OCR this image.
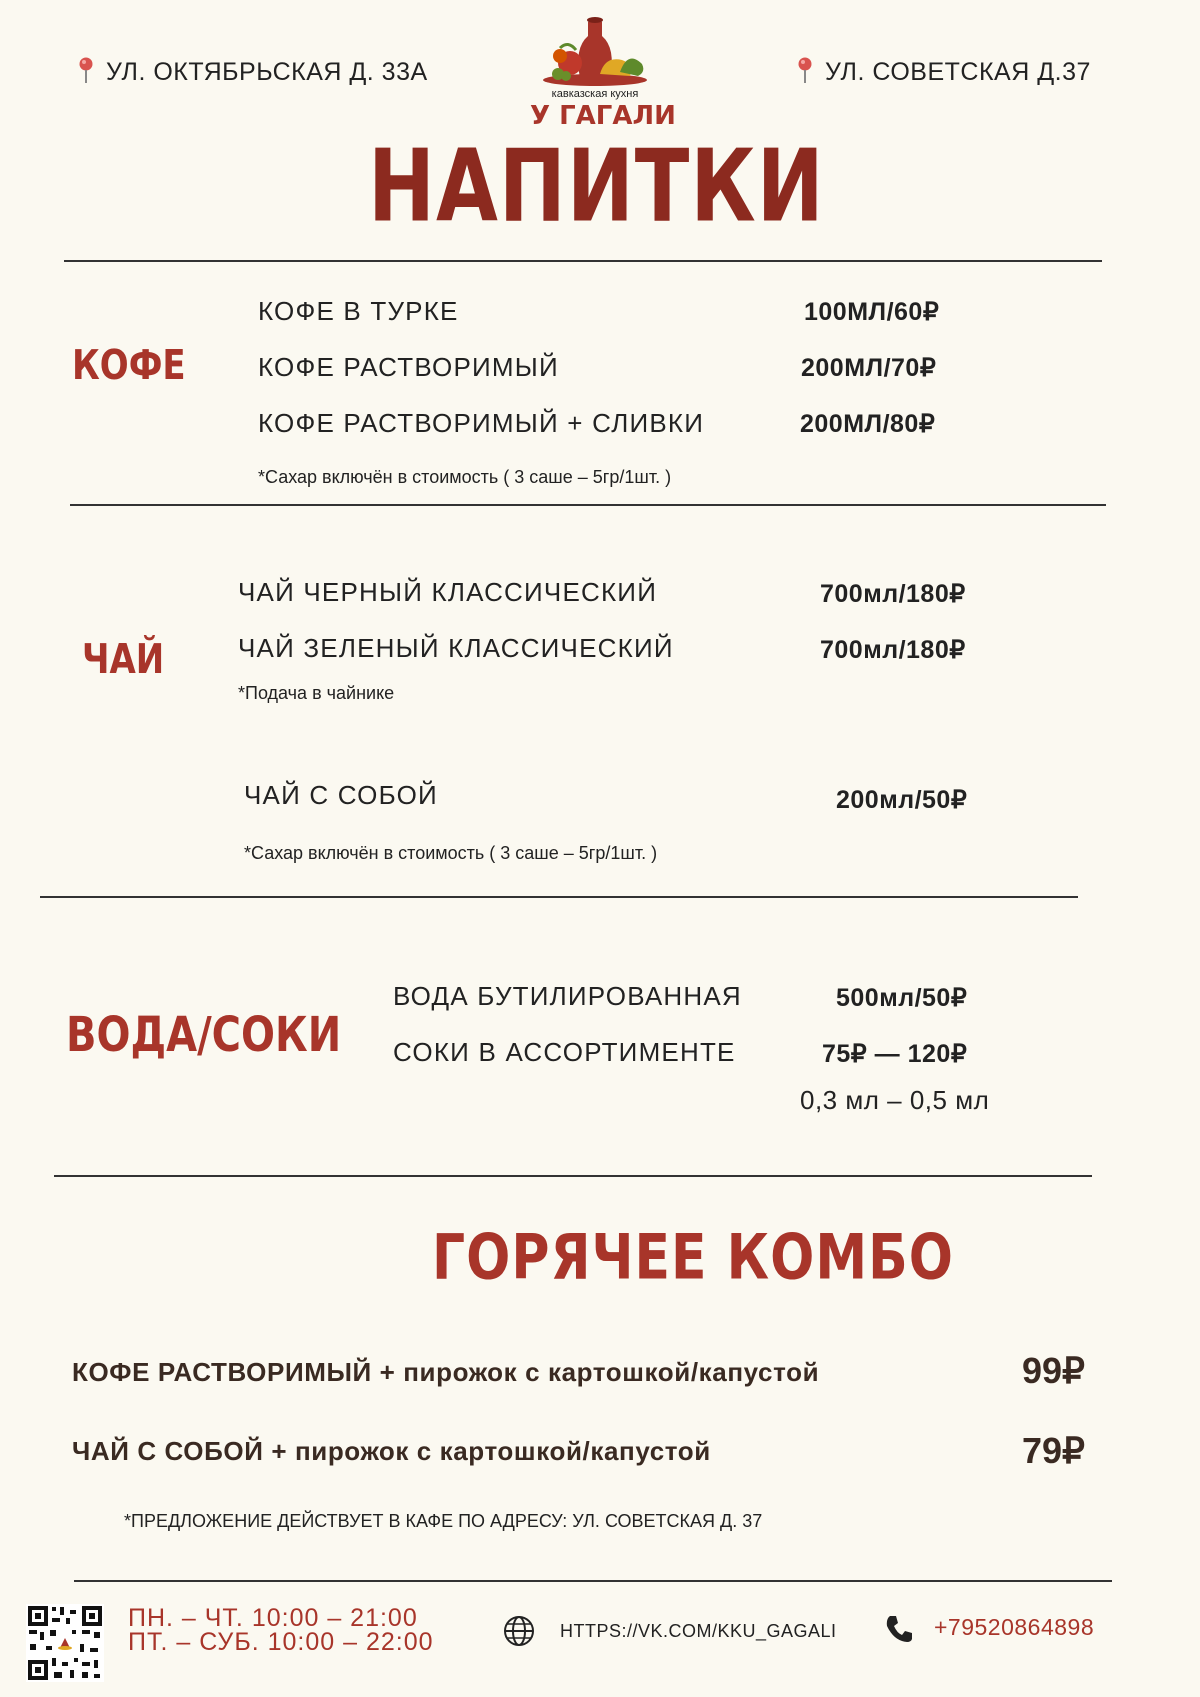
УЛ. ОКТЯБРЬСКАЯ Д. 33А	УЛ. СОВЕТСКАЯ Д.37
кавказская кухня
У ГАГАЛИ
НАПИТКИ
КОФЕ
КОФЕ В ТУРКЕ	100МЛ/60₽
КОФЕ РАСТВОРИМЫЙ	200МЛ/70₽
КОФЕ РАСТВОРИМЫЙ + СЛИВКИ	200МЛ/80₽
*Сахар включён в стоимость ( 3 саше – 5гр/1шт. )
ЧАЙ
ЧАЙ ЧЕРНЫЙ КЛАССИЧЕСКИЙ	700мл/180₽
ЧАЙ ЗЕЛЕНЫЙ КЛАССИЧЕСКИЙ	700мл/180₽
*Подача в чайнике
ЧАЙ С СОБОЙ	200мл/50₽
*Сахар включён в стоимость ( 3 саше – 5гр/1шт. )
ВОДА/СОКИ
ВОДА БУТИЛИРОВАННАЯ	500мл/50₽
СОКИ В АССОРТИМЕНТЕ	75₽ — 120₽
0,3 мл – 0,5 мл
ГОРЯЧЕЕ КОМБО
КОФЕ РАСТВОРИМЫЙ + пирожок с картошкой/капустой	99₽
ЧАЙ С СОБОЙ + пирожок с картошкой/капустой	79₽
*ПРЕДЛОЖЕНИЕ ДЕЙСТВУЕТ В КАФЕ ПО АДРЕСУ: УЛ. СОВЕТСКАЯ Д. 37
ПН. – ЧТ. 10:00 – 21:00
ПТ. – СУБ. 10:00 – 22:00	HTTPS://VK.COM/KKU_GAGALI	+79520864898
